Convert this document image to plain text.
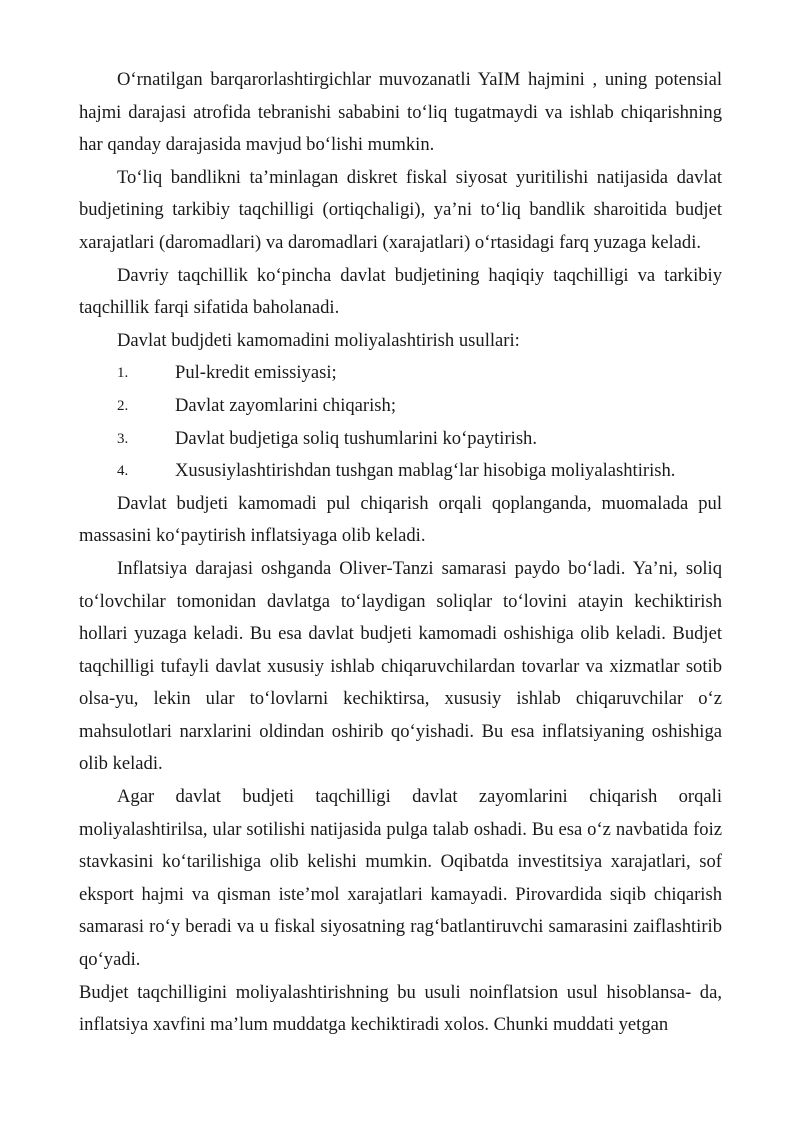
O‘rnatilgan barqarorlashtirgichlar muvozanatli YaIM hajmini , uning potensial hajmi darajasi atrofida tebranishi sababini to‘liq tugatmaydi va ishlab chiqarishning har qanday darajasida mavjud bo‘lishi mumkin.

To‘liq bandlikni ta’minlagan diskret fiskal siyosat yuritilishi natijasida davlat budjetining tarkibiy taqchilligi (ortiqchaligi), ya’ni to‘liq bandlik sharoitida budjet xarajatlari (daromadlari) va daromadlari (xarajatlari) o‘rtasidagi farq yuzaga keladi.

Davriy taqchillik ko‘pincha davlat budjetining haqiqiy taqchilligi va tarkibiy taqchillik farqi sifatida baholanadi.

Davlat budjdeti kamomadini moliyalashtirish usullari:

1.	Pul-kredit emissiyasi;
2.	Davlat zayomlarini chiqarish;
3.	Davlat budjetiga soliq tushumlarini ko‘paytirish.
4.	Xususiylashtirishdan tushgan mablag‘lar hisobiga moliyalashtirish.

Davlat budjeti kamomadi pul chiqarish orqali qoplanganda, muomalada pul massasini ko‘paytirish inflatsiyaga olib keladi.

Inflatsiya darajasi oshganda Oliver-Tanzi samarasi paydo bo‘ladi. Ya’ni, soliq to‘lovchilar tomonidan davlatga to‘laydigan soliqlar to‘lovini atayin kechiktirish hollari yuzaga keladi. Bu esa davlat budjeti kamomadi oshishiga olib keladi. Budjet taqchilligi tufayli davlat xususiy ishlab chiqaruvchilardan tovarlar va xizmatlar sotib olsa-yu, lekin ular to‘lovlarni kechiktirsa, xususiy ishlab chiqaruvchilar o‘z mahsulotlari narxlarini oldindan oshirib qo‘yishadi. Bu esa inflatsiyaning oshishiga olib keladi.

Agar davlat budjeti taqchilligi davlat zayomlarini chiqarish orqali moliyalashtirilsa, ular sotilishi natijasida pulga talab oshadi. Bu esa o‘z navbatida foiz stavkasini ko‘tarilishiga olib kelishi mumkin. Oqibatda investitsiya xarajatlari, sof eksport hajmi va qisman iste’mol xarajatlari kamayadi. Pirovardida siqib chiqarish samarasi ro‘y beradi va u fiskal siyosatning rag‘batlantiruvchi samarasini zaiflashtirib qo‘yadi.

Budjet taqchilligini moliyalashtirishning bu usuli noinflatsion usul hisoblansa- da, inflatsiya xavfini ma’lum muddatga kechiktiradi xolos. Chunki muddati yetgan
